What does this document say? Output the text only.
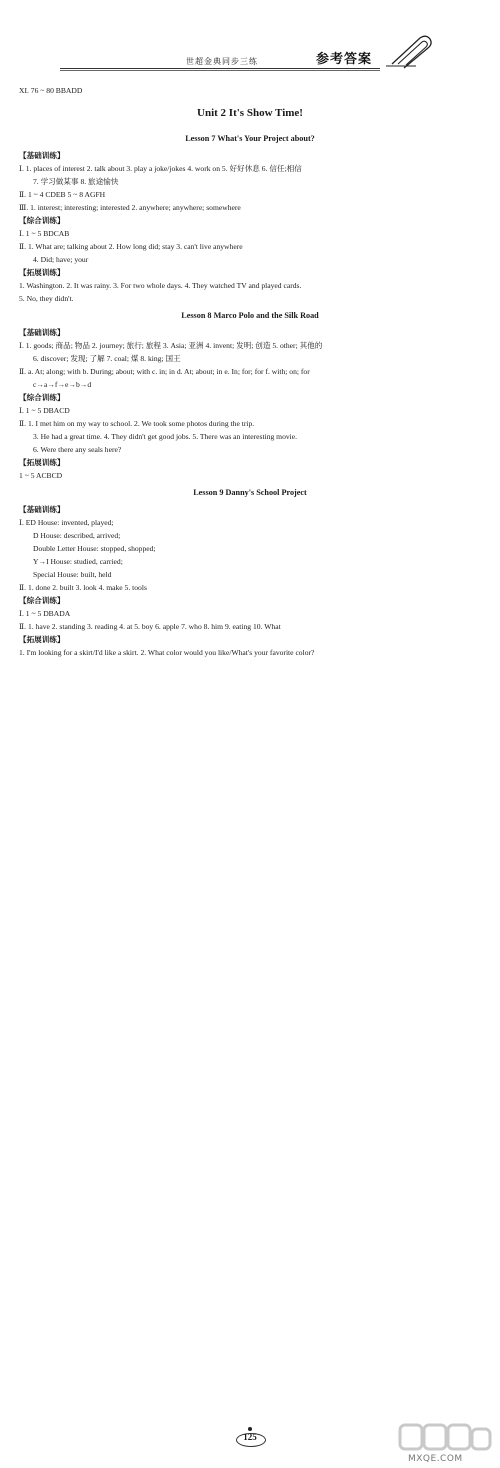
世超金典同步三练	参考答案
XI. 76 ~ 80 BBADD
Unit 2 It's Show Time!
Lesson 7 What's Your Project about?
【基础训练】
Ⅰ. 1. places of interest 2. talk about 3. play a joke/jokes 4. work on 5. 好好休息 6. 信任;相信
7. 学习做某事 8. 旅途愉快
Ⅱ. 1 ~ 4 CDEB 5 ~ 8 AGFH
Ⅲ. 1. interest; interesting; interested 2. anywhere; anywhere; somewhere
【综合训练】
Ⅰ. 1 ~ 5 BDCAB
Ⅱ. 1. What are; talking about 2. How long did; stay 3. can't live anywhere
4. Did; have; your
【拓展训练】
1. Washington. 2. It was rainy. 3. For two whole days. 4. They watched TV and played cards.
5. No, they didn't.
Lesson 8 Marco Polo and the Silk Road
【基础训练】
Ⅰ. 1. goods; 商品; 物品 2. journey; 旅行; 旅程 3. Asia; 亚洲 4. invent; 发明; 创造 5. other; 其他的
6. discover; 发现; 了解 7. coal; 煤 8. king; 国王
Ⅱ. a. At; along; with b. During; about; with c. in; in d. At; about; in e. In; for; for f. with; on; for
c→a→f→e→b→d
【综合训练】
Ⅰ. 1 ~ 5 DBACD
Ⅱ. 1. I met him on my way to school. 2. We took some photos during the trip.
3. He had a great time. 4. They didn't get good jobs. 5. There was an interesting movie.
6. Were there any seals here?
【拓展训练】
1 ~ 5 ACBCD
Lesson 9 Danny's School Project
【基础训练】
Ⅰ. ED House: invented, played;
D House: described, arrived;
Double Letter House: stopped, shopped;
Y→I House: studied, carried;
Special House: built, held
Ⅱ. 1. done 2. built 3. look 4. make 5. tools
【综合训练】
Ⅰ. 1 ~ 5 DBADA
Ⅱ. 1. have 2. standing 3. reading 4. at 5. boy 6. apple 7. who 8. him 9. eating 10. What
【拓展训练】
1. I'm looking for a skirt/I'd like a skirt. 2. What color would you like/What's your favorite color?
125
MXQE.COM
